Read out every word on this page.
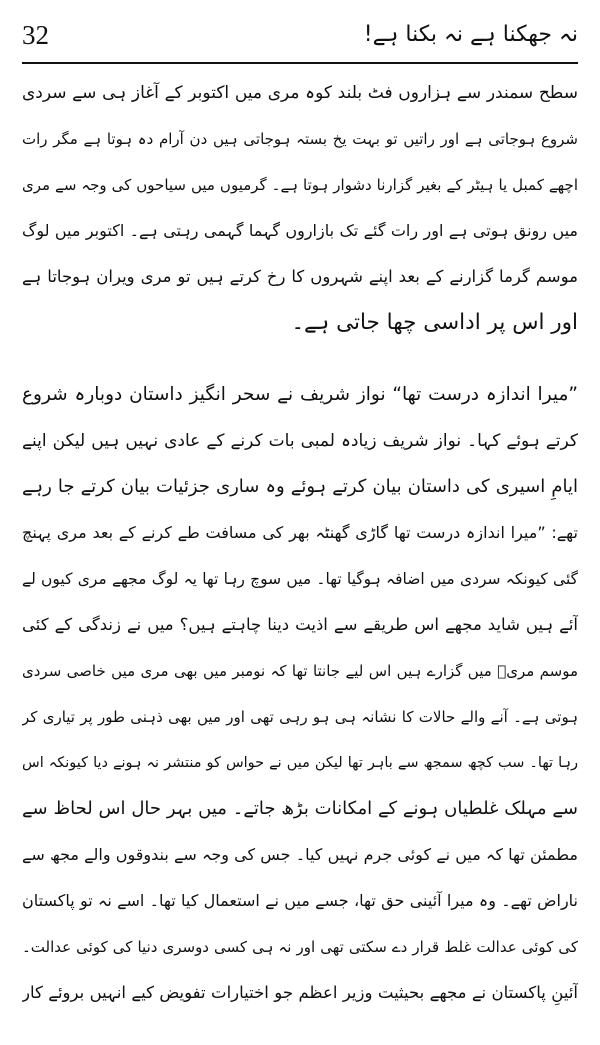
32	نہ جھکنا ہے نہ بکنا ہے!
سطح سمندر سے ہزاروں فٹ بلند کوہ مری میں اکتوبر کے آغاز ہی سے سردی
شروع ہوجاتی ہے اور راتیں تو بہت یخ بستہ ہوجاتی ہیں دن آرام دہ ہوتا ہے مگر رات
اچھے کمبل یا ہیٹر کے بغیر گزارنا دشوار ہوتا ہے۔ گرمیوں میں سیاحوں کی وجہ سے مری
میں رونق ہوتی ہے اور رات گئے تک بازاروں گہما گہمی رہتی ہے۔ اکتوبر میں لوگ
موسم گرما گزارنے کے بعد اپنے شہروں کا رخ کرتے ہیں تو مری ویران ہوجاتا ہے
اور اس پر اداسی چھا جاتی ہے۔
”میرا اندازہ درست تھا“ نواز شریف نے سحر انگیز داستان دوبارہ شروع
کرتے ہوئے کہا۔ نواز شریف زیادہ لمبی بات کرنے کے عادی نہیں ہیں لیکن اپنے
ایامِ اسیری کی داستان بیان کرتے ہوئے وہ ساری جزئیات بیان کرتے جا رہے
تھے: ”میرا اندازہ درست تھا گاڑی گھنٹہ بھر کی مسافت طے کرنے کے بعد مری پہنچ
گئی کیونکہ سردی میں اضافہ ہوگیا تھا۔ میں سوچ رہا تھا یہ لوگ مجھے مری کیوں لے
آئے ہیں شاید مجھے اس طریقے سے اذیت دینا چاہتے ہیں؟ میں نے زندگی کے کئی
موسم مریؔ میں گزارے ہیں اس لیے جانتا تھا کہ نومبر میں بھی مری میں خاصی سردی
ہوتی ہے۔ آنے والے حالات کا نشانہ ہی ہو رہی تھی اور میں بھی ذہنی طور پر تیاری کر
رہا تھا۔ سب کچھ سمجھ سے باہر تھا لیکن میں نے حواس کو منتشر نہ ہونے دیا کیونکہ اس
سے مہلک غلطیاں ہونے کے امکانات بڑھ جاتے۔ میں بہر حال اس لحاظ سے
مطمئن تھا کہ میں نے کوئی جرم نہیں کیا۔ جس کی وجہ سے بندوقوں والے مجھ سے
ناراض تھے۔ وہ میرا آئینی حق تھا، جسے میں نے استعمال کیا تھا۔ اسے نہ تو پاکستان
کی کوئی عدالت غلط قرار دے سکتی تھی اور نہ ہی کسی دوسری دنیا کی کوئی عدالت۔
آئینِ پاکستان نے مجھے بحیثیت وزیر اعظم جو اختیارات تفویض کیے انہیں بروئے کار
